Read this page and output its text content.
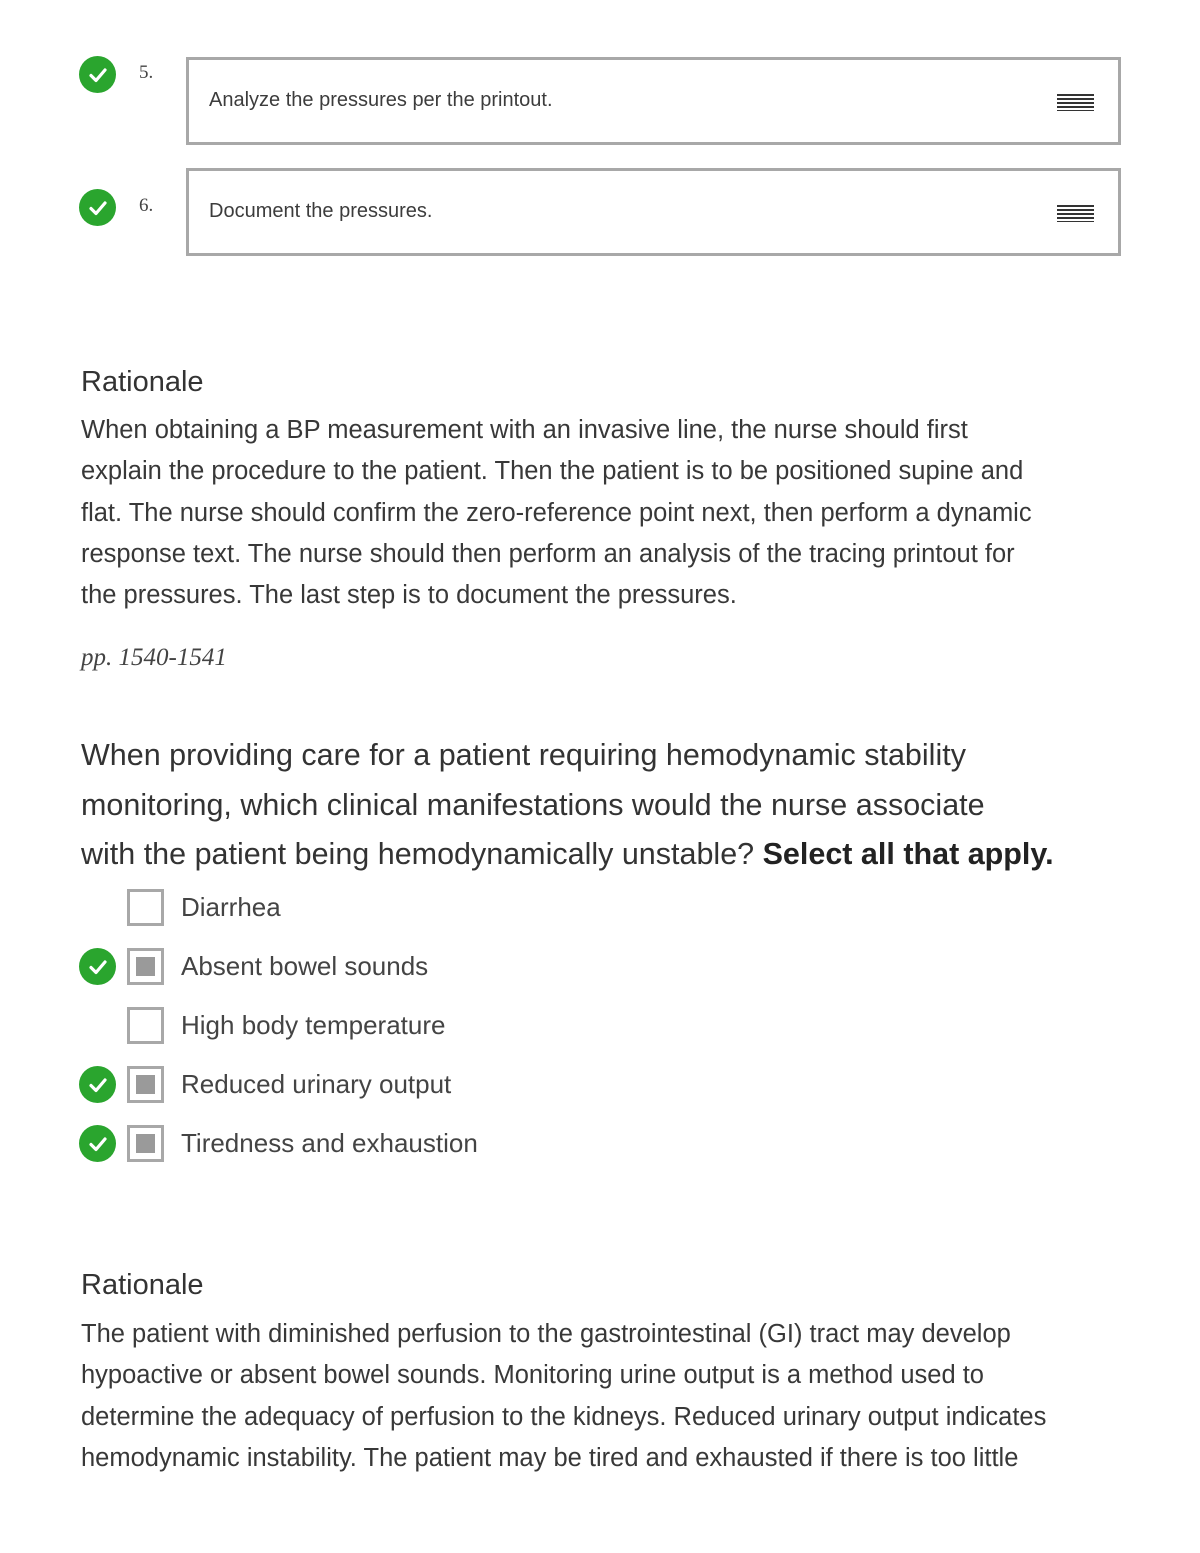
5.
Analyze the pressures per the printout.
6.	Document the pressures.
Rationale
When obtaining a BP measurement with an invasive line, the nurse should first
explain the procedure to the patient. Then the patient is to be positioned supine and
flat. The nurse should confirm the zero-reference point next, then perform a dynamic
response text. The nurse should then perform an analysis of the tracing printout for
the pressures. The last step is to document the pressures.
pp. 1540-1541
When providing care for a patient requiring hemodynamic stability
monitoring, which clinical manifestations would the nurse associate
with the patient being hemodynamically unstable? Select all that apply.
Diarrhea
Absent bowel sounds
High body temperature
Reduced urinary output
Tiredness and exhaustion
Rationale
The patient with diminished perfusion to the gastrointestinal (GI) tract may develop
hypoactive or absent bowel sounds. Monitoring urine output is a method used to
determine the adequacy of perfusion to the kidneys. Reduced urinary output indicates
hemodynamic instability. The patient may be tired and exhausted if there is too little
